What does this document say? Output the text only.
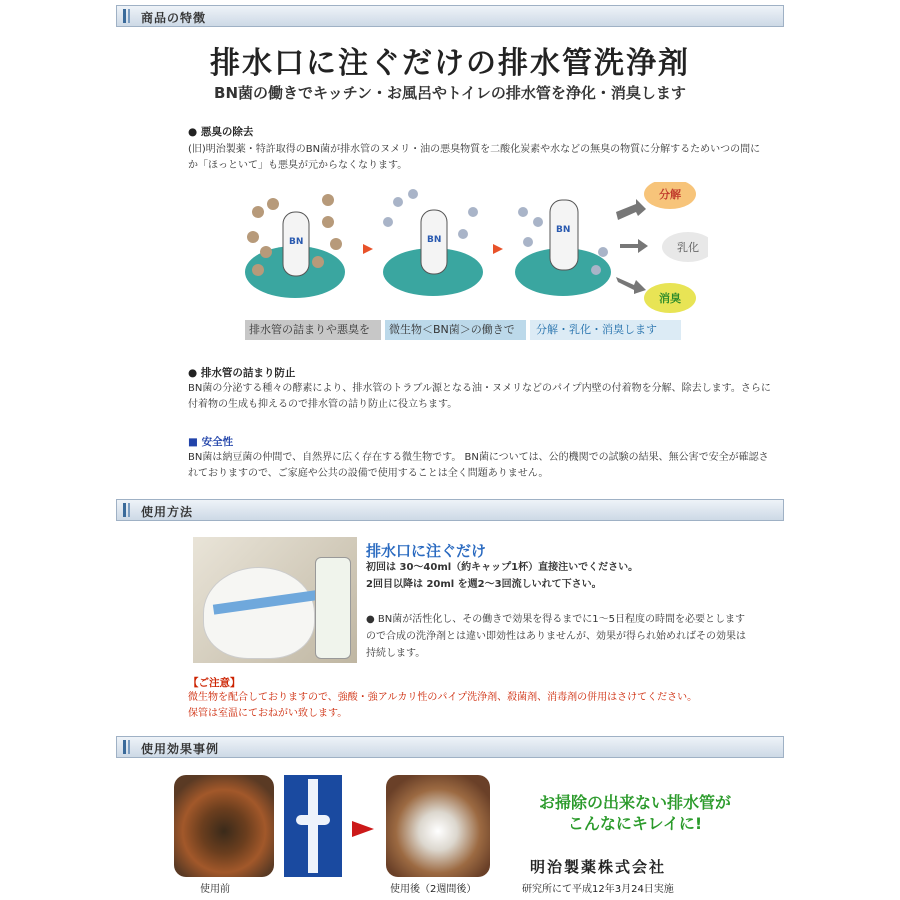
商品の特徴
排水口に注ぐだけの排水管洗浄剤
BN菌の働きでキッチン・お風呂やトイレの排水管を浄化・消臭します
● 悪臭の除去
(旧)明治製薬・特許取得のBN菌が排水管のヌメリ・油の悪臭物質を二酸化炭素や水などの無臭の物質に分解するためいつの間にか「ほっといて」も悪臭が元からなくなります。
BN	BN
BN
分解
乳化
消臭
排水管の詰まりや悪臭を	微生物＜BN菌＞の働きで	分解・乳化・消臭します
● 排水管の詰まり防止
BN菌の分泌する種々の酵素により、排水管のトラブル源となる油・ヌメリなどのパイプ内壁の付着物を分解、除去します。さらに 付着物の生成も抑えるので排水管の詰り防止に役立ちます。
■ 安全性
BN菌は納豆菌の仲間で、自然界に広く存在する微生物です。 BN菌については、公的機関での試験の結果、無公害で安全が確認されておりますので、ご家庭や公共の設備で使用することは全く問題ありません。
使用方法
排水口に注ぐだけ
初回は 30～40ml（約キャップ1杯）直接注いでください。
2回目以降は 20ml を週2～3回流しいれて下さい。
● BN菌が活性化し、その働きで効果を得るまでに1～5日程度の時間を必要としますので合成の洗浄剤とは違い即効性はありませんが、効果が得られ始めればその効果は持続します。
【ご注意】
微生物を配合しておりますので、強酸・強アルカリ性のパイプ洗浄剤、殺菌剤、消毒剤の併用はさけてください。
保管は室温にておねがい致します。
使用効果事例
使用前	使用後（2週間後）
お掃除の出来ない排水管が
こんなにキレイに!
明治製薬株式会社
研究所にて平成12年3月24日実施
